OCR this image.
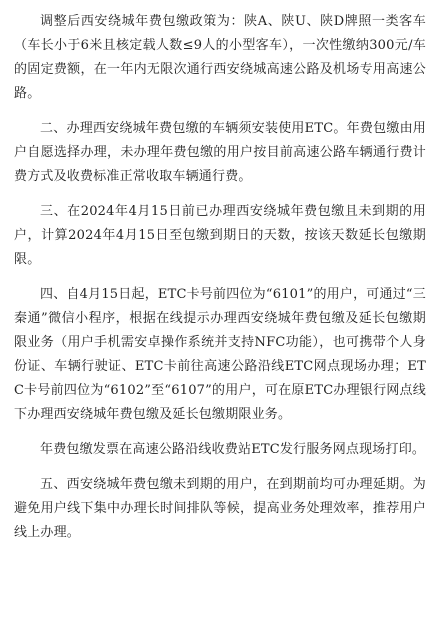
调整后西安绕城年费包缴政策为：陕A、陕U、陕D牌照一类客车（车长小于6米且核定载人数≤9人的小型客车），一次性缴纳300元/车的固定费额，在一年内无限次通行西安绕城高速公路及机场专用高速公路。

二、办理西安绕城年费包缴的车辆须安装使用ETC。年费包缴由用户自愿选择办理，未办理年费包缴的用户按目前高速公路车辆通行费计费方式及收费标准正常收取车辆通行费。

三、在2024年4月15日前已办理西安绕城年费包缴且未到期的用户，计算2024年4月15日至包缴到期日的天数，按该天数延长包缴期限。

四、自4月15日起，ETC卡号前四位为“6101”的用户，可通过“三秦通”微信小程序，根据在线提示办理西安绕城年费包缴及延长包缴期限业务（用户手机需安卓操作系统并支持NFC功能），也可携带个人身份证、车辆行驶证、ETC卡前往高速公路沿线ETC网点现场办理；ETC卡号前四位为“6102”至“6107”的用户，可在原ETC办理银行网点线下办理西安绕城年费包缴及延长包缴期限业务。

年费包缴发票在高速公路沿线收费站ETC发行服务网点现场打印。

五、西安绕城年费包缴未到期的用户，在到期前均可办理延期。为避免用户线下集中办理长时间排队等候，提高业务处理效率，推荐用户线上办理。
